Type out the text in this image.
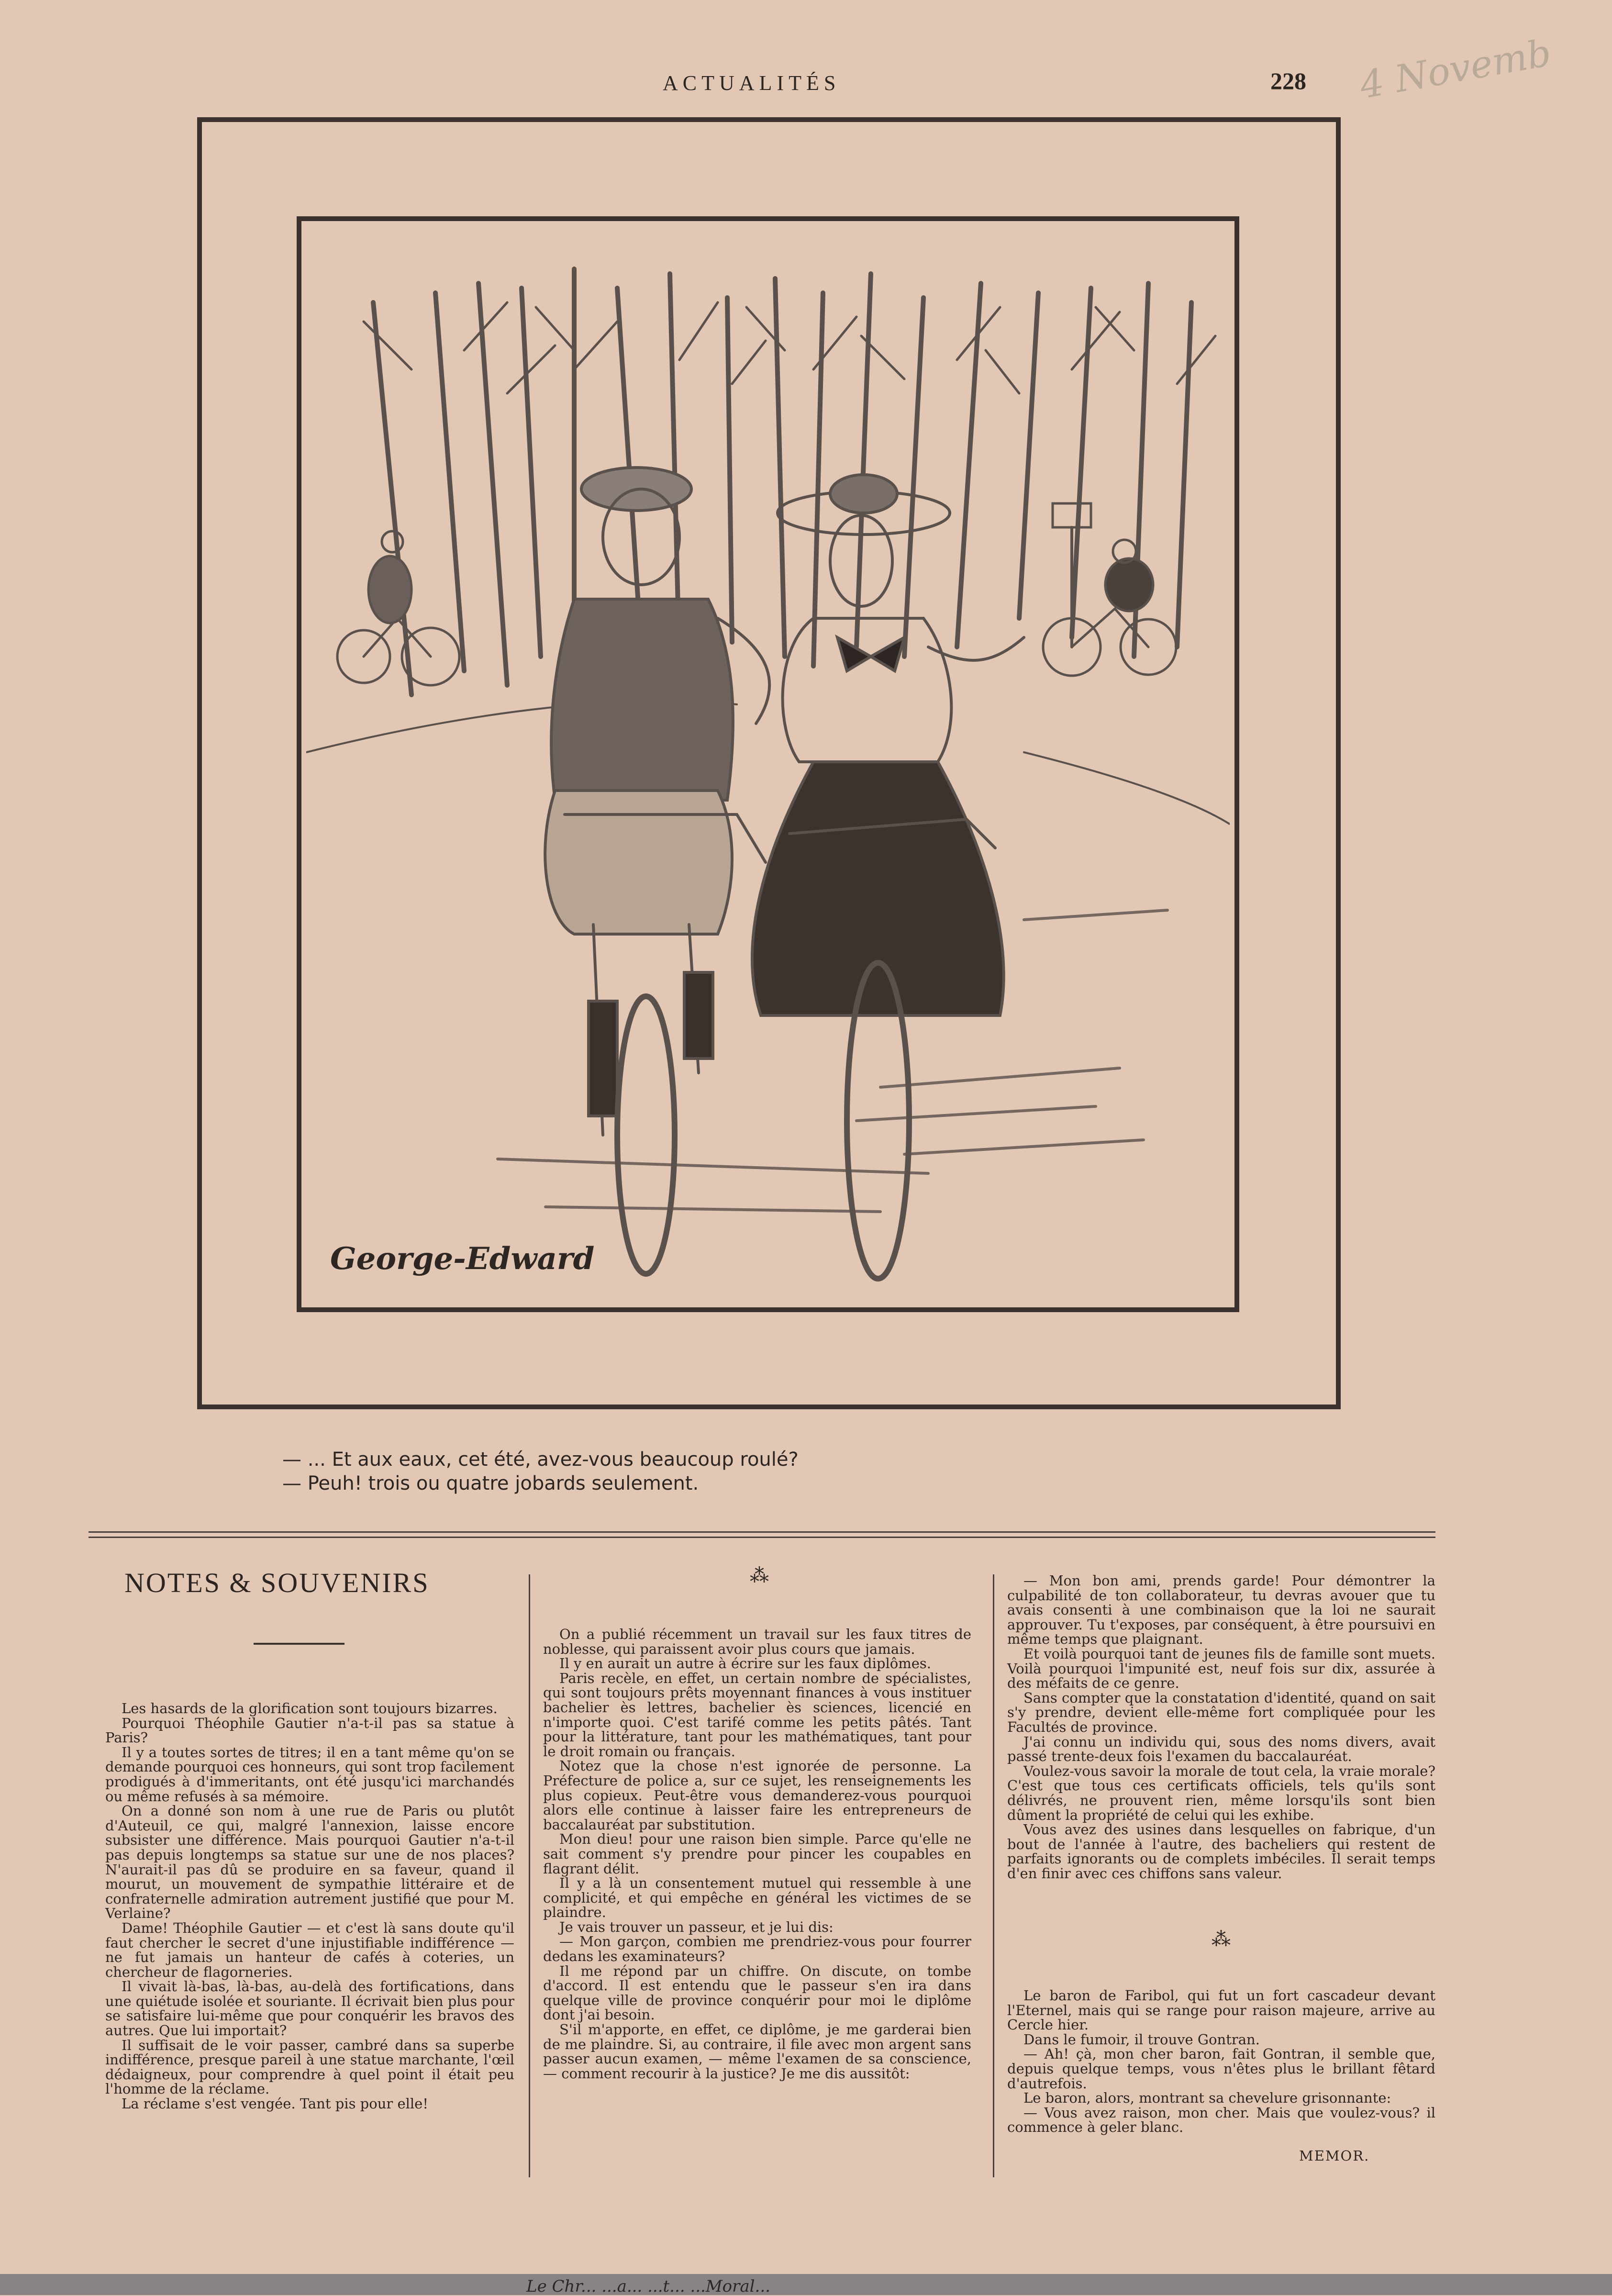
ACTUALITÉS	228 4 Novemb
George-Edward
— ... Et aux eaux, cet été, avez-vous beaucoup roulé?
— Peuh! trois ou quatre jobards seulement.
NOTES & SOUVENIRS

Les hasards de la glorification sont toujours bizarres.

Pourquoi Théophile Gautier n'a-t-il pas sa statue à Paris?

Il y a toutes sortes de titres; il en a tant même qu'on se demande pourquoi ces honneurs, qui sont trop facilement prodigués à d'immeritants, ont été jusqu'ici marchandés ou même refusés à sa mémoire.

On a donné son nom à une rue de Paris ou plutôt d'Auteuil, ce qui, malgré l'annexion, laisse encore subsister une différence. Mais pourquoi Gautier n'a-t-il pas depuis longtemps sa statue sur une de nos places? N'aurait-il pas dû se produire en sa faveur, quand il mourut, un mouvement de sympathie littéraire et de confraternelle admiration autrement justifié que pour M. Verlaine?

Dame! Théophile Gautier — et c'est là sans doute qu'il faut chercher le secret d'une injustifiable indifférence — ne fut jamais un hanteur de cafés à coteries, un chercheur de flagorneries.

Il vivait là-bas, là-bas, au-delà des fortifications, dans une quiétude isolée et souriante. Il écrivait bien plus pour se satisfaire lui-même que pour conquérir les bravos des autres. Que lui importait?

Il suffisait de le voir passer, cambré dans sa superbe indifférence, presque pareil à une statue marchante, l'œil dédaigneux, pour comprendre à quel point il était peu l'homme de la réclame.

La réclame s'est vengée. Tant pis pour elle!

⁂

On a publié récemment un travail sur les faux titres de noblesse, qui paraissent avoir plus cours que jamais.

Il y en aurait un autre à écrire sur les faux diplômes.

Paris recèle, en effet, un certain nombre de spécialistes, qui sont toujours prêts moyennant finances à vous instituer bachelier ès lettres, bachelier ès sciences, licencié en n'importe quoi. C'est tarifé comme les petits pâtés. Tant pour la littérature, tant pour les mathématiques, tant pour le droit romain ou français.

Notez que la chose n'est ignorée de personne. La Préfecture de police a, sur ce sujet, les renseignements les plus copieux. Peut-être vous demanderez-vous pourquoi alors elle continue à laisser faire les entrepreneurs de baccalauréat par substitution.

Mon dieu! pour une raison bien simple. Parce qu'elle ne sait comment s'y prendre pour pincer les coupables en flagrant délit.

Il y a là un consentement mutuel qui ressemble à une complicité, et qui empêche en général les victimes de se plaindre.

Je vais trouver un passeur, et je lui dis:

— Mon garçon, combien me prendriez-vous pour fourrer dedans les examinateurs?

Il me répond par un chiffre. On discute, on tombe d'accord. Il est entendu que le passeur s'en ira dans quelque ville de province conquérir pour moi le diplôme dont j'ai besoin.

S'il m'apporte, en effet, ce diplôme, je me garderai bien de me plaindre. Si, au contraire, il file avec mon argent sans passer aucun examen, — même l'examen de sa conscience, — comment recourir à la justice? Je me dis aussitôt:

— Mon bon ami, prends garde! Pour démontrer la culpabilité de ton collaborateur, tu devras avouer que tu avais consenti à une combinaison que la loi ne saurait approuver. Tu t'exposes, par conséquent, à être poursuivi en même temps que plaignant.

Et voilà pourquoi tant de jeunes fils de famille sont muets. Voilà pourquoi l'impunité est, neuf fois sur dix, assurée à des méfaits de ce genre.

Sans compter que la constatation d'identité, quand on sait s'y prendre, devient elle-même fort compliquée pour les Facultés de province.

J'ai connu un individu qui, sous des noms divers, avait passé trente-deux fois l'examen du baccalauréat.

Voulez-vous savoir la morale de tout cela, la vraie morale? C'est que tous ces certificats officiels, tels qu'ils sont délivrés, ne prouvent rien, même lorsqu'ils sont bien dûment la propriété de celui qui les exhibe.

Vous avez des usines dans lesquelles on fabrique, d'un bout de l'année à l'autre, des bacheliers qui restent de parfaits ignorants ou de complets imbéciles. Il serait temps d'en finir avec ces chiffons sans valeur.

⁂

Le baron de Faribol, qui fut un fort cascadeur devant l'Eternel, mais qui se range pour raison majeure, arrive au Cercle hier.

Dans le fumoir, il trouve Gontran.

— Ah! çà, mon cher baron, fait Gontran, il semble que, depuis quelque temps, vous n'êtes plus le brillant fêtard d'autrefois.

Le baron, alors, montrant sa chevelure grisonnante:

— Vous avez raison, mon cher. Mais que voulez-vous? il commence à geler blanc.

MEMOR.
Le Chr... ...a... ...t... ...Moral...
